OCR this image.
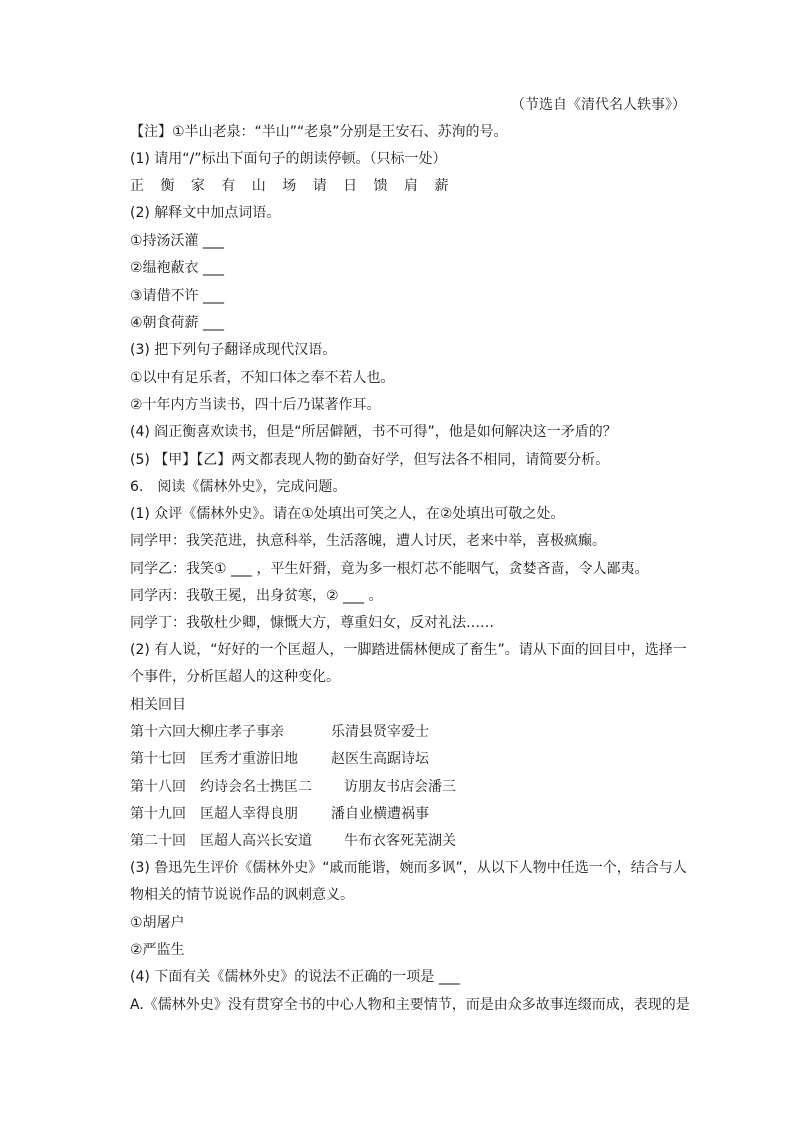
（节选自《清代名人轶事》）
【注】①半山老泉：“半山”“老泉”分别是王安石、苏洵的号。
(1) 请用“/”标出下面句子的朗读停顿。（只标一处）
正 衡 家 有 山 场 请 日 馈 肩 薪
(2) 解释文中加点词语。
①持汤沃灌 ___
②缊袍蔽衣 ___
③请借不许 ___
④朝食荷薪 ___
(3) 把下列句子翻译成现代汉语。
①以中有足乐者，不知口体之奉不若人也。
②十年内方当读书，四十后乃谋著作耳。
(4) 阎正衡喜欢读书，但是“所居僻陋，书不可得”，他是如何解决这一矛盾的？
(5) 【甲】【乙】两文都表现人物的勤奋好学，但写法各不相同，请简要分析。
6.　阅读《儒林外史》，完成问题。
(1) 众评《儒林外史》。请在①处填出可笑之人，在②处填出可敬之处。
同学甲：我笑范进，执意科举，生活落魄，遭人讨厌，老来中举，喜极疯癫。
同学乙：我笑① ___ ，平生奸猾，竟为多一根灯芯不能咽气，贪婪吝啬，令人鄙夷。
同学丙：我敬王冕，出身贫寒，② ___ 。
同学丁：我敬杜少卿，慷慨大方，尊重妇女，反对礼法……
(2) 有人说，“好好的一个匡超人，一脚踏进儒林便成了畜生”。请从下面的回目中，选择一
个事件，分析匡超人的这种变化。
相关回目
第十六回大柳庄孝子事亲	乐清县贤宰爱士
第十七回　匡秀才重游旧地 赵医生高踞诗坛
第十八回　约诗会名士携匡二 访朋友书店会潘三
第十九回　匡超人幸得良朋 潘自业横遭祸事
第二十回　匡超人高兴长安道 牛布衣客死芜湖关
(3) 鲁迅先生评价《儒林外史》“戚而能谐，婉而多讽”，从以下人物中任选一个，结合与人
物相关的情节说说作品的讽刺意义。
①胡屠户
②严监生
(4) 下面有关《儒林外史》的说法不正确的一项是 ___
A.《儒林外史》没有贯穿全书的中心人物和主要情节，而是由众多故事连缀而成，表现的是
